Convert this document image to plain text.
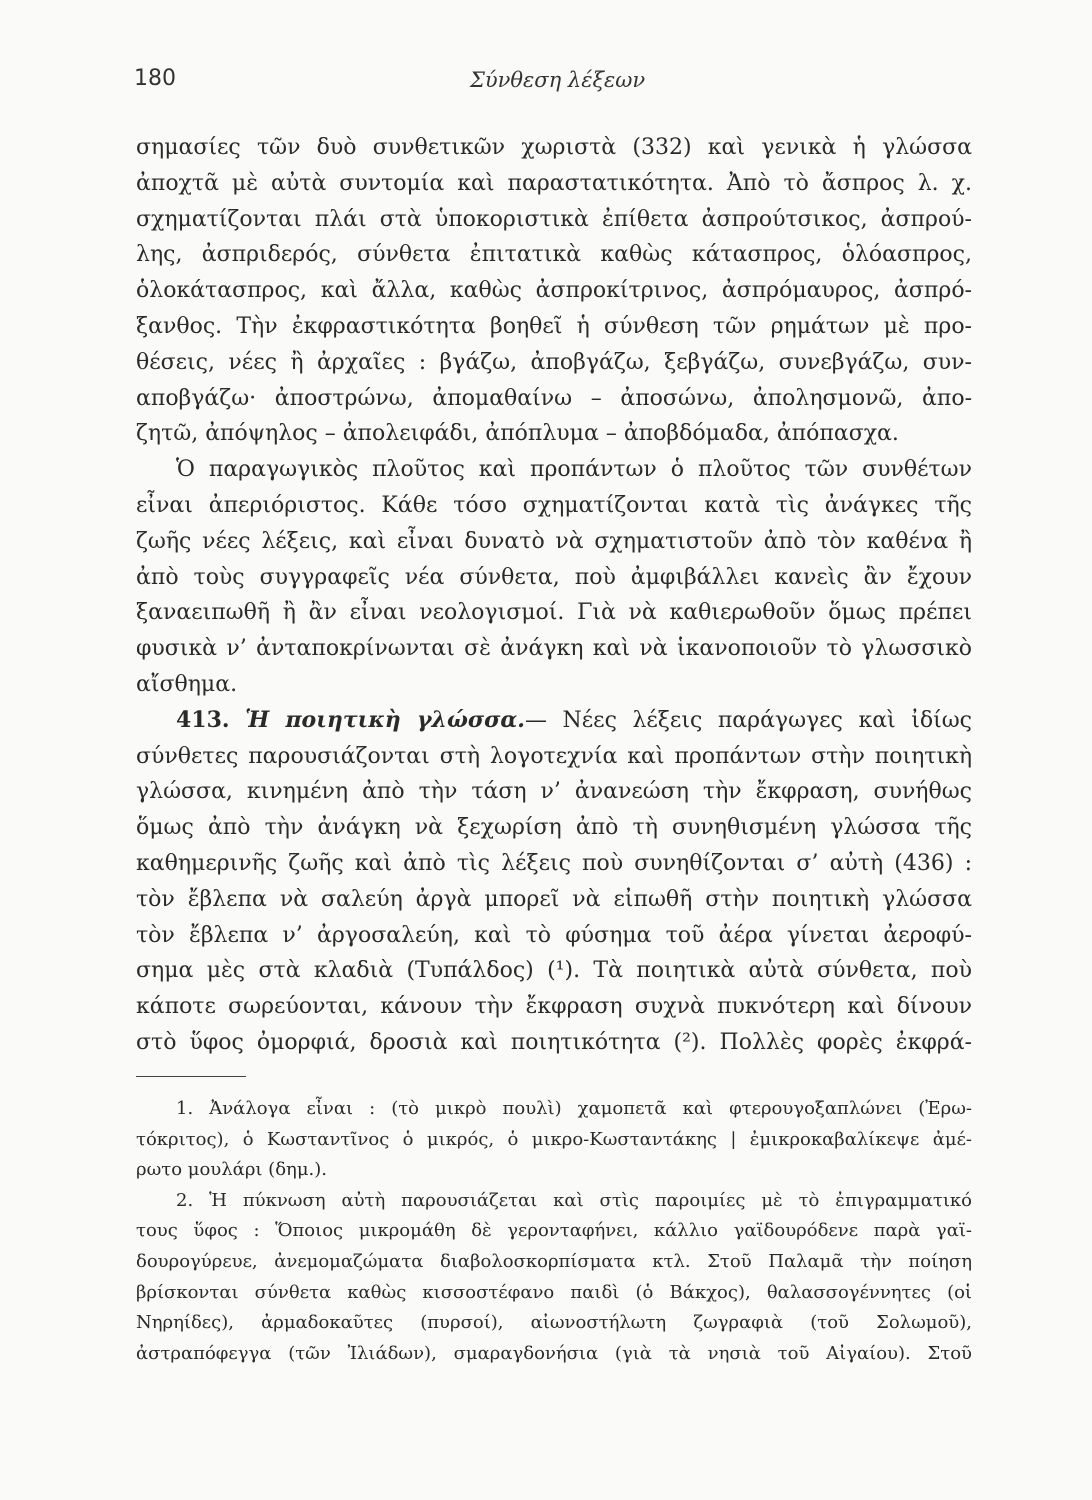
180	Σύνθεση λέξεων
σημασίες τῶν δυὸ συνθετικῶν χωριστὰ (332) καὶ γενικὰ ἡ γλώσσα
ἀποχτᾶ μὲ αὐτὰ συντομία καὶ παραστατικότητα. Ἀπὸ τὸ ἄσπρος λ. χ.
σχηματίζονται πλάι στὰ ὑποκοριστικὰ ἐπίθετα ἀσπρούτσικος, ἀσπρού-
λης, ἀσπριδερός, σύνθετα ἐπιτατικὰ καθὼς κάτασπρος, ὁλόασπρος,
ὁλοκάτασπρος, καὶ ἄλλα, καθὼς ἀσπροκίτρινος, ἀσπρόμαυρος, ἀσπρό-
ξανθος. Τὴν ἐκφραστικότητα βοηθεῖ ἡ σύνθεση τῶν ρημάτων μὲ προ-
θέσεις, νέες ἢ ἀρχαῖες : βγάζω, ἀποβγάζω, ξεβγάζω, συνεβγάζω, συν-
αποβγάζω· ἀποστρώνω, ἀπομαθαίνω – ἀποσώνω, ἀπολησμονῶ, ἀπο-
ζητῶ, ἀπόψηλος – ἀπολειφάδι, ἀπόπλυμα – ἀποβδόμαδα, ἀπόπασχα.
Ὁ παραγωγικὸς πλοῦτος καὶ προπάντων ὁ πλοῦτος τῶν συνθέτων
εἶναι ἀπεριόριστος. Κάθε τόσο σχηματίζονται κατὰ τὶς ἀνάγκες τῆς
ζωῆς νέες λέξεις, καὶ εἶναι δυνατὸ νὰ σχηματιστοῦν ἀπὸ τὸν καθένα ἢ
ἀπὸ τοὺς συγγραφεῖς νέα σύνθετα, ποὺ ἀμφιβάλλει κανεὶς ἂν ἔχουν
ξαναειπωθῆ ἢ ἂν εἶναι νεολογισμοί. Γιὰ νὰ καθιερωθοῦν ὅμως πρέπει
φυσικὰ ν’ ἀνταποκρίνωνται σὲ ἀνάγκη καὶ νὰ ἱκανοποιοῦν τὸ γλωσσικὸ
αἴσθημα.
413. Ἡ ποιητικὴ γλώσσα.— Νέες λέξεις παράγωγες καὶ ἰδίως
σύνθετες παρουσιάζονται στὴ λογοτεχνία καὶ προπάντων στὴν ποιητικὴ
γλώσσα, κινημένη ἀπὸ τὴν τάση ν’ ἀνανεώση τὴν ἔκφραση, συνήθως
ὅμως ἀπὸ τὴν ἀνάγκη νὰ ξεχωρίση ἀπὸ τὴ συνηθισμένη γλώσσα τῆς
καθημερινῆς ζωῆς καὶ ἀπὸ τὶς λέξεις ποὺ συνηθίζονται σ’ αὐτὴ (436) :
τὸν ἔβλεπα νὰ σαλεύη ἀργὰ μπορεῖ νὰ εἰπωθῆ στὴν ποιητικὴ γλώσσα
τὸν ἔβλεπα ν’ ἀργοσαλεύη, καὶ τὸ φύσημα τοῦ ἀέρα γίνεται ἀεροφύ-
σημα μὲς στὰ κλαδιὰ (Τυπάλδος) (¹). Τὰ ποιητικὰ αὐτὰ σύνθετα, ποὺ
κάποτε σωρεύονται, κάνουν τὴν ἔκφραση συχνὰ πυκνότερη καὶ δίνουν
στὸ ὕφος ὀμορφιά, δροσιὰ καὶ ποιητικότητα (²). Πολλὲς φορὲς ἐκφρά-
1. Ἀνάλογα εἶναι : (τὸ μικρὸ πουλὶ) χαμοπετᾶ καὶ φτερουγοξαπλώνει (Ἐρω-
τόκριτος), ὁ Κωσταντῖνος ὁ μικρός, ὁ μικρο-Κωσταντάκης | ἐμικροκαβαλίκεψε ἀμέ-
ρωτο μουλάρι (δημ.).
2. Ἡ πύκνωση αὐτὴ παρουσιάζεται καὶ στὶς παροιμίες μὲ τὸ ἐπιγραμματικό
τους ὕφος : Ὅποιος μικρομάθη δὲ γερονταφήνει, κάλλιο γαϊδουρόδενε παρὰ γαϊ-
δουρογύρευε, ἀνεμομαζώματα διαβολοσκορπίσματα κτλ. Στοῦ Παλαμᾶ τὴν ποίηση
βρίσκονται σύνθετα καθὼς κισσοστέφανο παιδὶ (ὁ Βάκχος), θαλασσογέννητες (οἱ
Νηρηίδες), ἀρμαδοκαῦτες (πυρσοί), αἰωνοστήλωτη ζωγραφιὰ (τοῦ Σολωμοῦ),
ἀστραπόφεγγα (τῶν Ἰλιάδων), σμαραγδονήσια (γιὰ τὰ νησιὰ τοῦ Αἰγαίου). Στοῦ
